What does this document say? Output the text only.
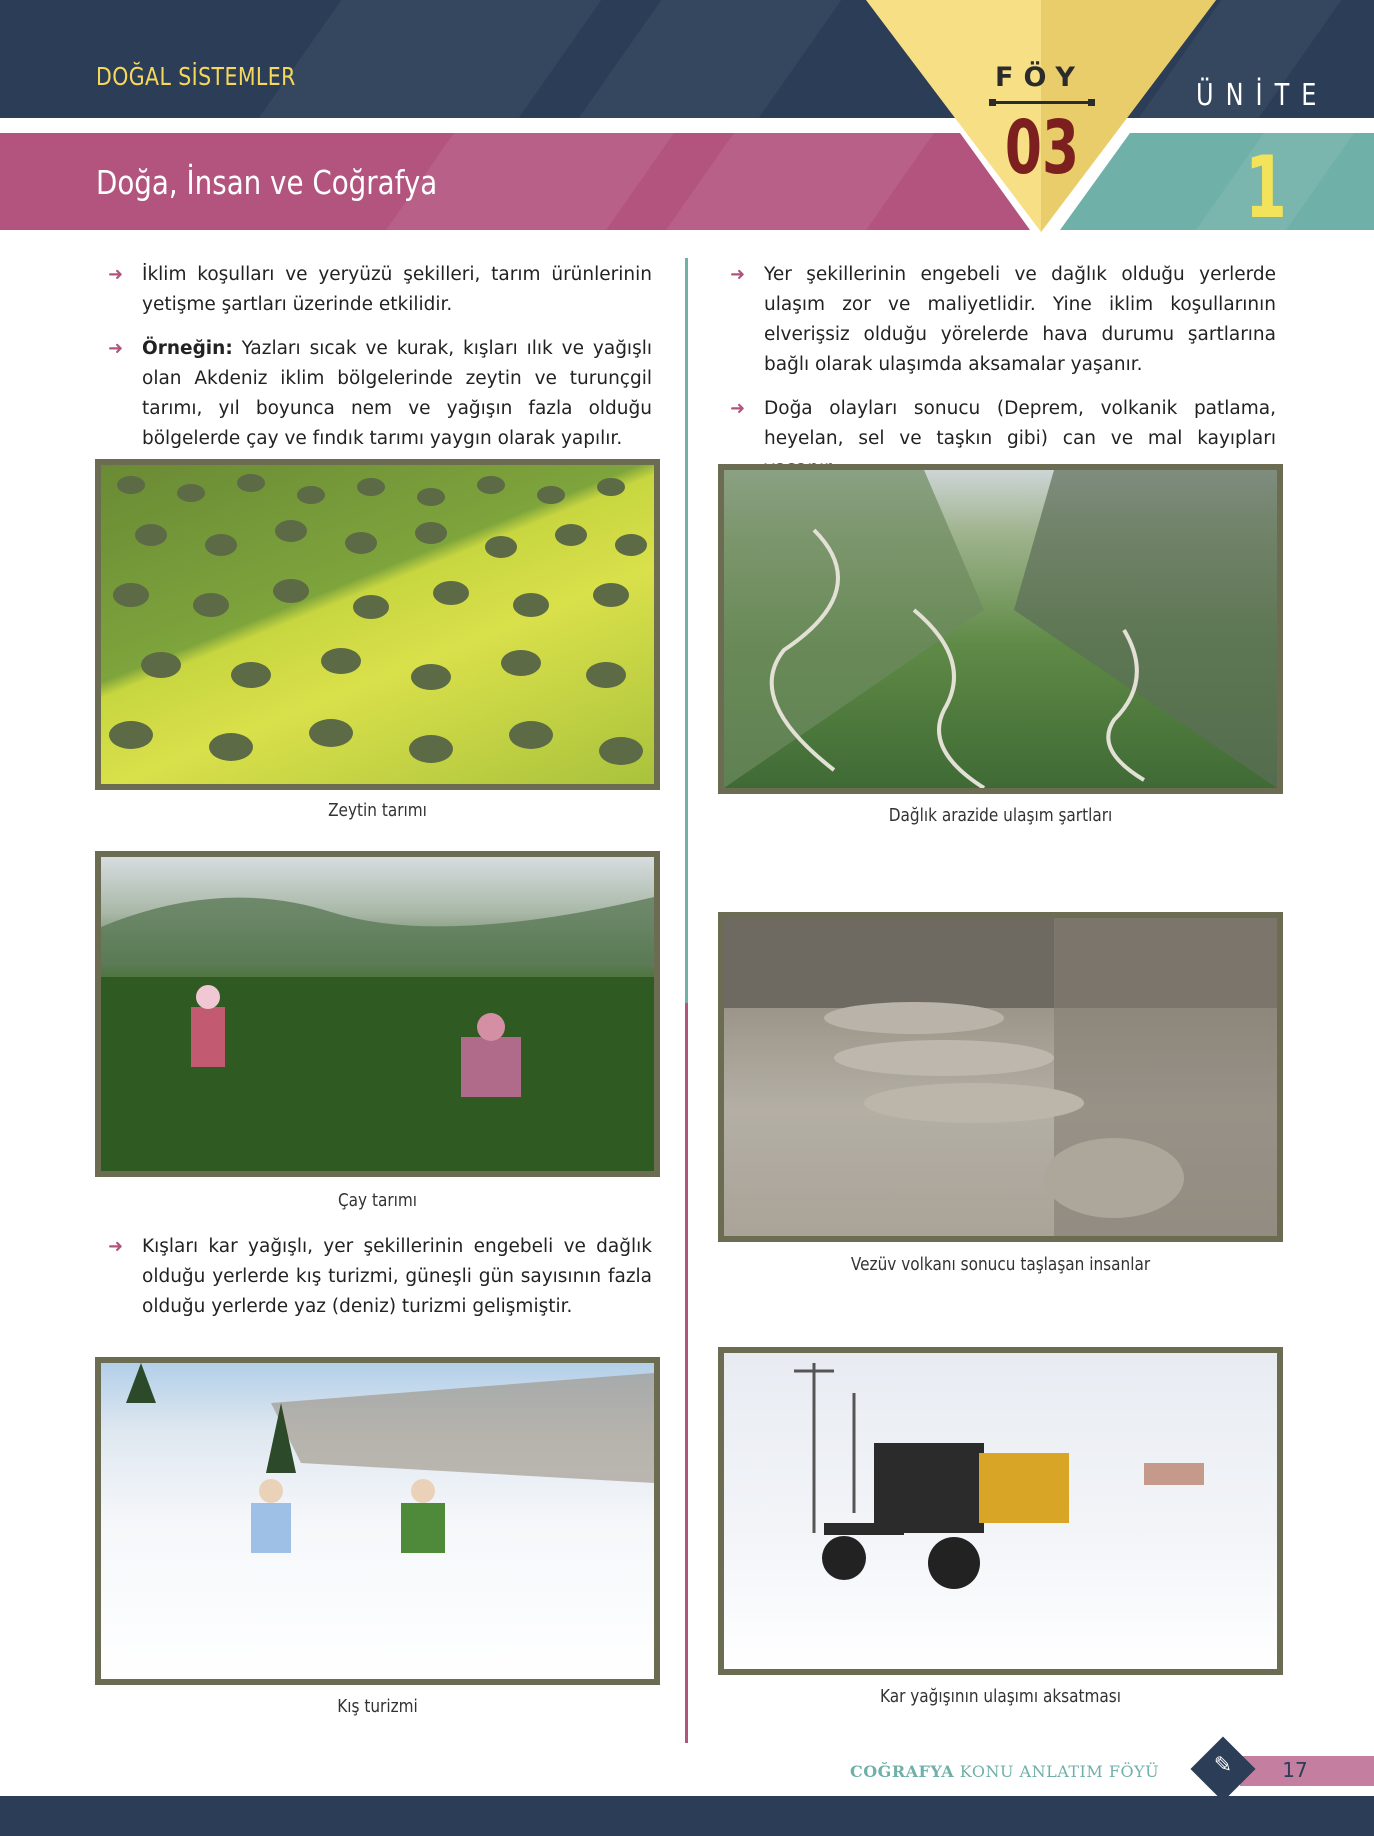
DOĞAL SİSTEMLER
Doğa, İnsan ve Coğrafya
FÖY
03
ÜNİTE
1
➜ İklim koşulları ve yeryüzü şekilleri, tarım ürünlerinin yetişme şartları üzerinde etkilidir.
➜ Örneğin: Yazları sıcak ve kurak, kışları ılık ve yağışlı olan Akdeniz iklim bölgelerinde zeytin ve turunçgil tarımı, yıl boyunca nem ve yağışın fazla olduğu bölgelerde çay ve fındık tarımı yaygın olarak yapılır.
Zeytin tarımı
Çay tarımı
➜ Kışları kar yağışlı, yer şekillerinin engebeli ve dağlık olduğu yerlerde kış turizmi, güneşli gün sayısının fazla olduğu yerlerde yaz (deniz) turizmi gelişmiştir.
Kış turizmi
➜ Yer şekillerinin engebeli ve dağlık olduğu yerlerde ulaşım zor ve maliyetlidir. Yine iklim koşullarının elverişsiz olduğu yörelerde hava durumu şartlarına bağlı olarak ulaşımda aksamalar yaşanır.
➜ Doğa olayları sonucu (Deprem, volkanik patlama, heyelan, sel ve taşkın gibi) can ve mal kayıpları
Dağlık arazide ulaşım şartları
Vezüv volkanı sonucu taşlaşan insanlar
Kar yağışının ulaşımı aksatması
COĞRAFYA KONU ANLATIM FÖYÜ ✎	17
